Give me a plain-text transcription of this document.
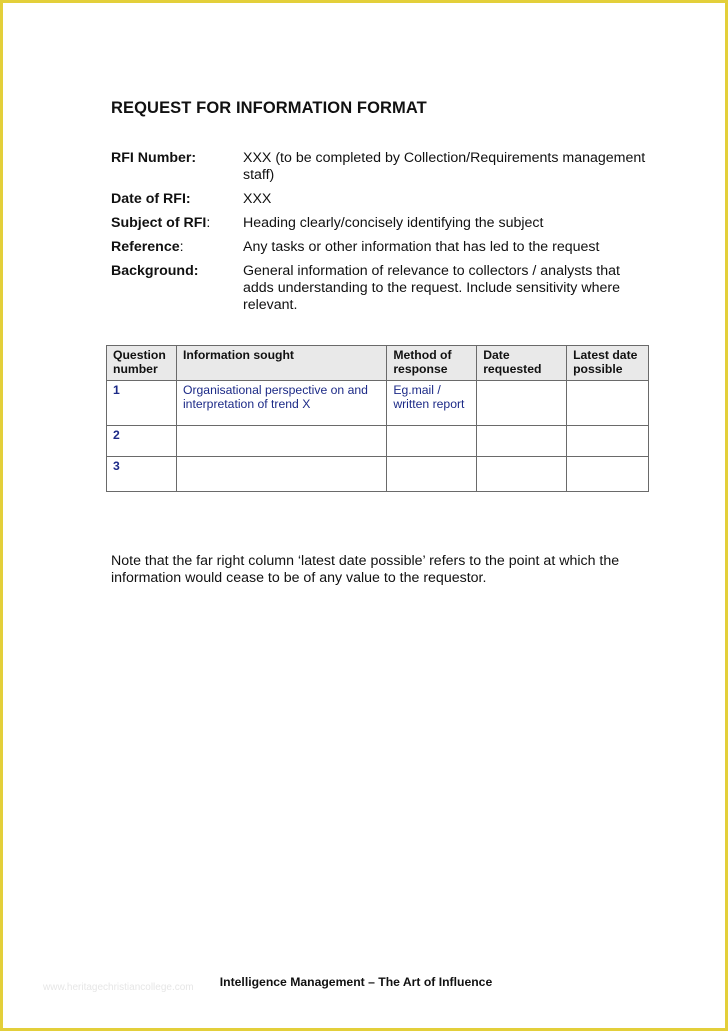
REQUEST FOR INFORMATION FORMAT
RFI Number:	XXX (to be completed by Collection/Requirements management staff)
Date of RFI:	XXX
Subject of RFI:	Heading clearly/concisely identifying the subject
Reference:	Any tasks or other information that has led to the request
Background:	General information of relevance to collectors / analysts that adds understanding to the request. Include sensitivity where relevant.
Question number	Information sought	Method of response	Date requested	Latest date possible
1	Organisational perspective on and interpretation of trend X	Eg.mail / written report		
2				
3				
Note that the far right column ‘latest date possible’ refers to the point at which the information would cease to be of any value to the requestor.
www.heritagechristiancollege.com	Intelligence Management – The Art of Influence
